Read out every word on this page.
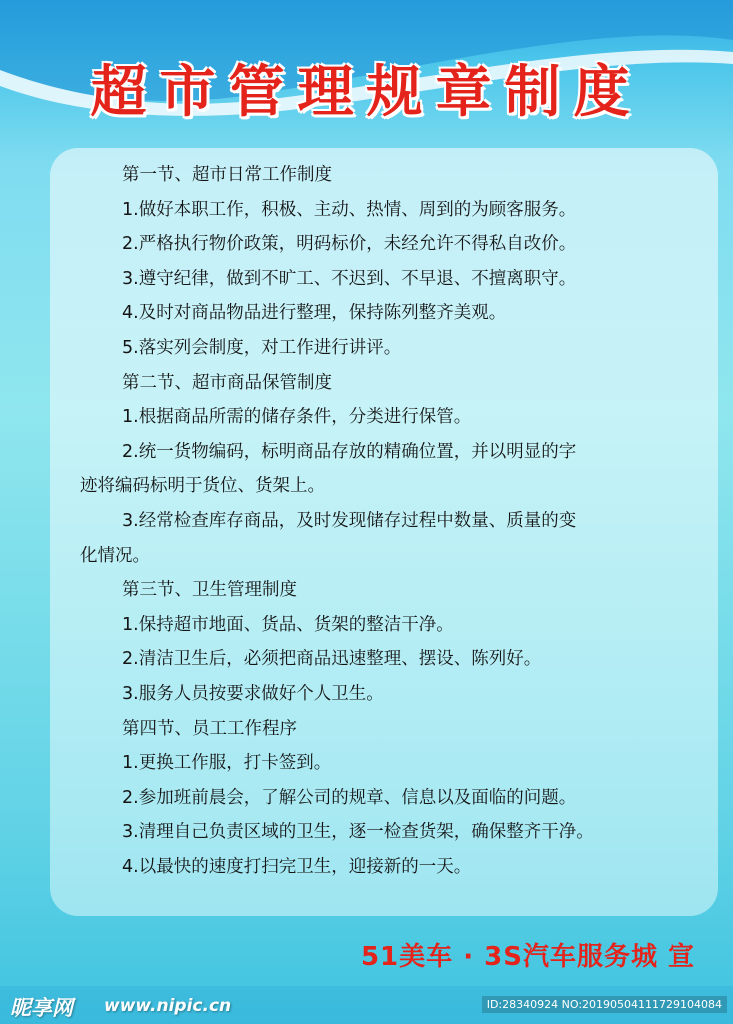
超市管理规章制度
第一节、超市日常工作制度
1.做好本职工作，积极、主动、热情、周到的为顾客服务。
2.严格执行物价政策，明码标价，未经允许不得私自改价。
3.遵守纪律，做到不旷工、不迟到、不早退、不擅离职守。
4.及时对商品物品进行整理，保持陈列整齐美观。
5.落实列会制度，对工作进行讲评。
第二节、超市商品保管制度
1.根据商品所需的储存条件，分类进行保管。
2.统一货物编码，标明商品存放的精确位置，并以明显的字
迹将编码标明于货位、货架上。
3.经常检查库存商品，及时发现储存过程中数量、质量的变
化情况。
第三节、卫生管理制度
1.保持超市地面、货品、货架的整洁干净。
2.清洁卫生后，必须把商品迅速整理、摆设、陈列好。
3.服务人员按要求做好个人卫生。
第四节、员工工作程序
1.更换工作服，打卡签到。
2.参加班前晨会，了解公司的规章、信息以及面临的问题。
3.清理自己负责区域的卫生，逐一检查货架，确保整齐干净。
4.以最快的速度打扫完卫生，迎接新的一天。
51美车 · 3S汽车服务城 宣
昵享网 www.nipic.cn	ID:28340924 NO:20190504111729104084
